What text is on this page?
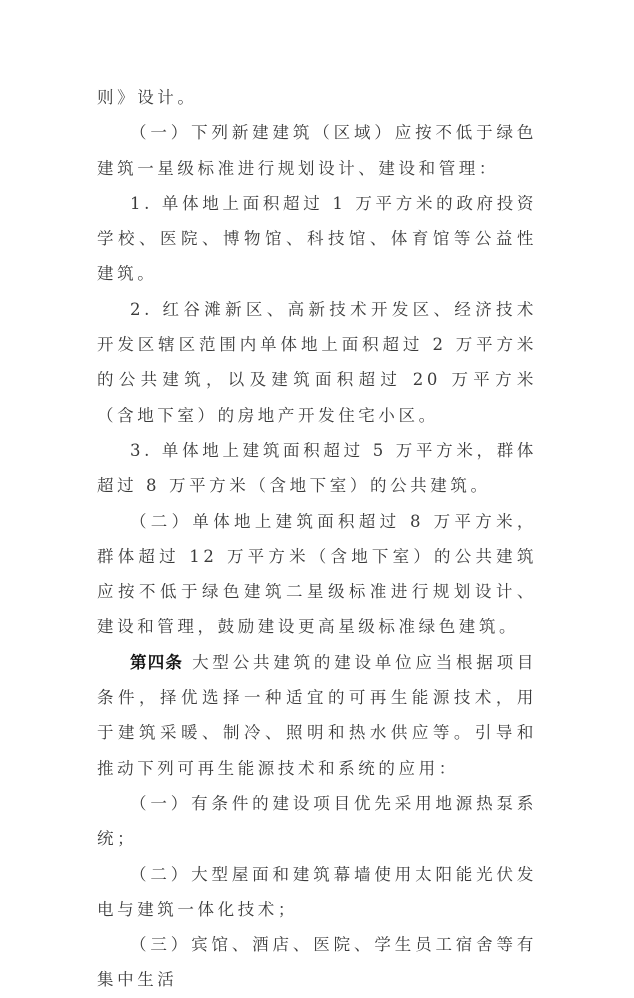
则》设计。

（一）下列新建建筑（区域）应按不低于绿色建筑一星级标准进行规划设计、建设和管理：

1. 单体地上面积超过 1 万平方米的政府投资学校、医院、博物馆、科技馆、体育馆等公益性建筑。

2. 红谷滩新区、高新技术开发区、经济技术开发区辖区范围内单体地上面积超过 2 万平方米的公共建筑，以及建筑面积超过 20 万平方米（含地下室）的房地产开发住宅小区。

3. 单体地上建筑面积超过 5 万平方米，群体超过 8 万平方米（含地下室）的公共建筑。

（二）单体地上建筑面积超过 8 万平方米，群体超过 12 万平方米（含地下室）的公共建筑应按不低于绿色建筑二星级标准进行规划设计、建设和管理，鼓励建设更高星级标准绿色建筑。

第四条 大型公共建筑的建设单位应当根据项目条件，择优选择一种适宜的可再生能源技术，用于建筑采暖、制冷、照明和热水供应等。引导和推动下列可再生能源技术和系统的应用：

（一）有条件的建设项目优先采用地源热泵系统；

（二）大型屋面和建筑幕墙使用太阳能光伏发电与建筑一体化技术；

（三）宾馆、酒店、医院、学生员工宿舍等有集中生活
